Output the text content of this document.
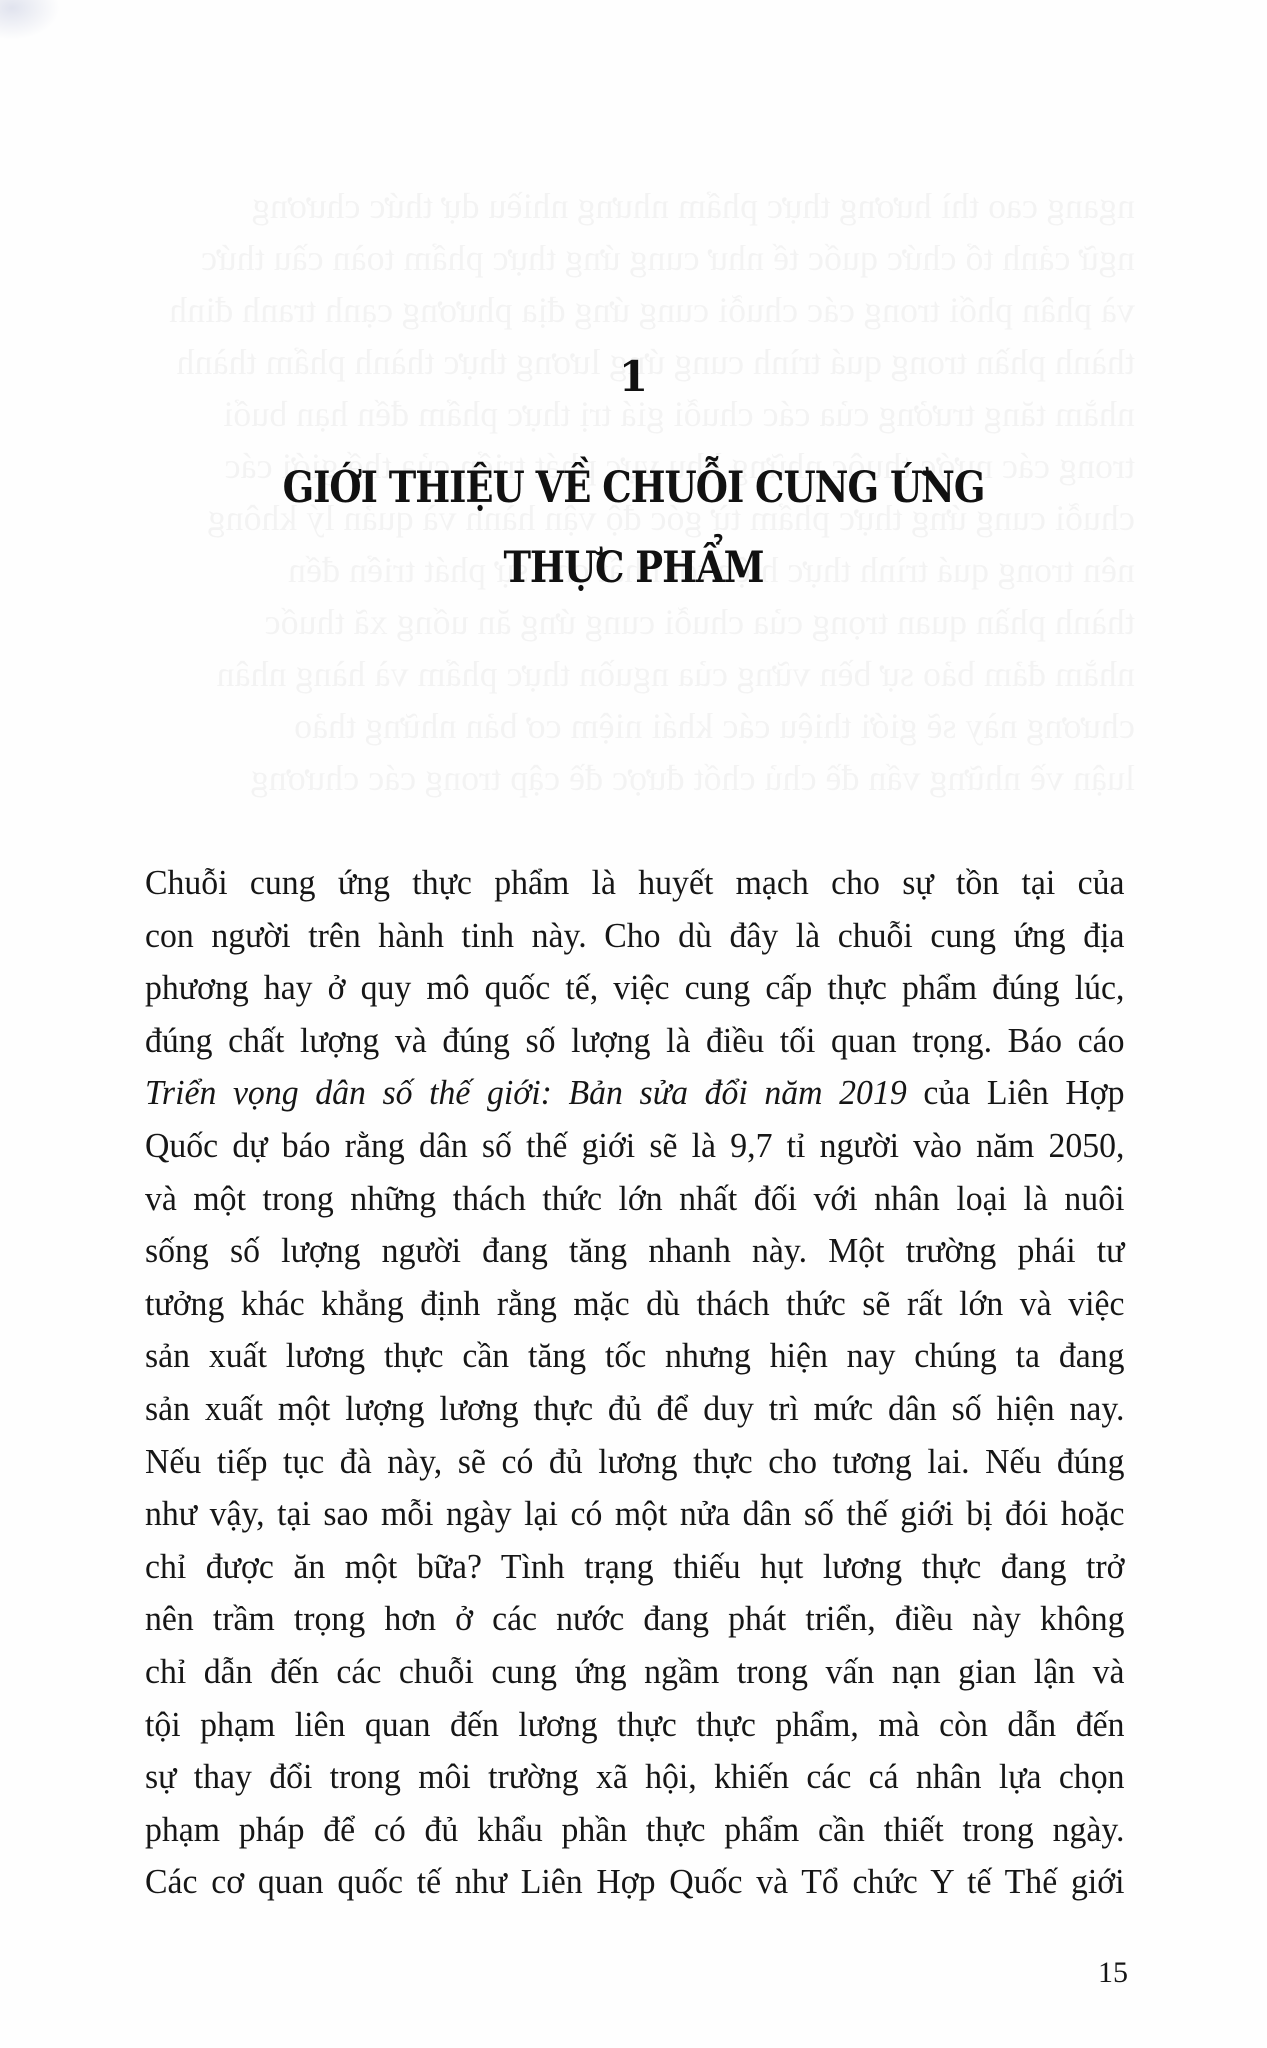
1
GIỚI THIỆU VỀ CHUỖI CUNG ỨNG
THỰC PHẨM
Chuỗi cung ứng thực phẩm là huyết mạch cho sự tồn tại của
con người trên hành tinh này. Cho dù đây là chuỗi cung ứng địa
phương hay ở quy mô quốc tế, việc cung cấp thực phẩm đúng lúc,
đúng chất lượng và đúng số lượng là điều tối quan trọng. Báo cáo
Triển vọng dân số thế giới: Bản sửa đổi năm 2019 của Liên Hợp
Quốc dự báo rằng dân số thế giới sẽ là 9,7 tỉ người vào năm 2050,
và một trong những thách thức lớn nhất đối với nhân loại là nuôi
sống số lượng người đang tăng nhanh này. Một trường phái tư
tưởng khác khẳng định rằng mặc dù thách thức sẽ rất lớn và việc
sản xuất lương thực cần tăng tốc nhưng hiện nay chúng ta đang
sản xuất một lượng lương thực đủ để duy trì mức dân số hiện nay.
Nếu tiếp tục đà này, sẽ có đủ lương thực cho tương lai. Nếu đúng
như vậy, tại sao mỗi ngày lại có một nửa dân số thế giới bị đói hoặc
chỉ được ăn một bữa? Tình trạng thiếu hụt lương thực đang trở
nên trầm trọng hơn ở các nước đang phát triển, điều này không
chỉ dẫn đến các chuỗi cung ứng ngầm trong vấn nạn gian lận và
tội phạm liên quan đến lương thực thực phẩm, mà còn dẫn đến
sự thay đổi trong môi trường xã hội, khiến các cá nhân lựa chọn
phạm pháp để có đủ khẩu phần thực phẩm cần thiết trong ngày.
Các cơ quan quốc tế như Liên Hợp Quốc và Tổ chức Y tế Thế giới
15
